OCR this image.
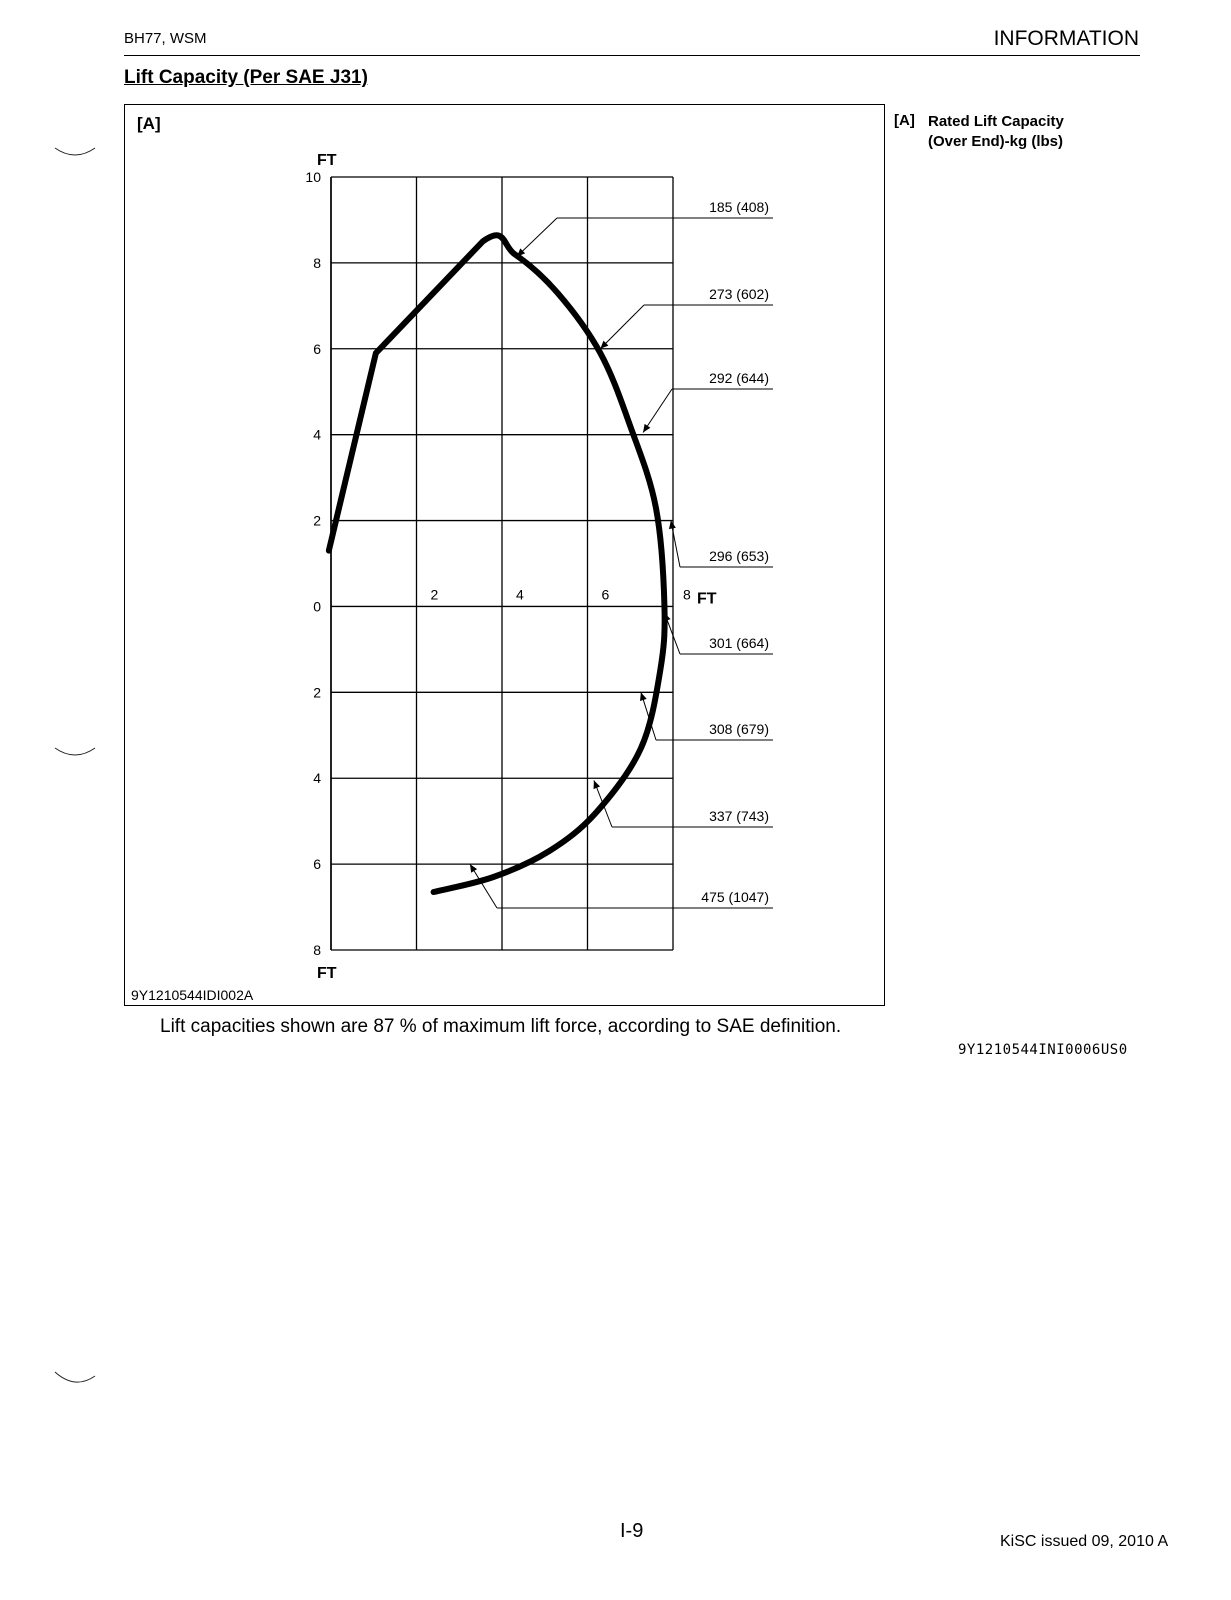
BH77, WSM	INFORMATION
Lift Capacity (Per SAE J31)
[A]
9Y1210544IDI002A
[A] Rated Lift Capacity
(Over End)-kg (lbs)
Lift capacities shown are 87 % of maximum lift force, according to SAE definition.
9Y1210544INI0006US0
I-9	KiSC issued 09, 2010 A
10
8
6
4
2
0
2
4
6
8
2	4	6	8
FT
FT
FT
185 (408)
273 (602)
292 (644)
296 (653)
301 (664)
308 (679)
337 (743)
475 (1047)
